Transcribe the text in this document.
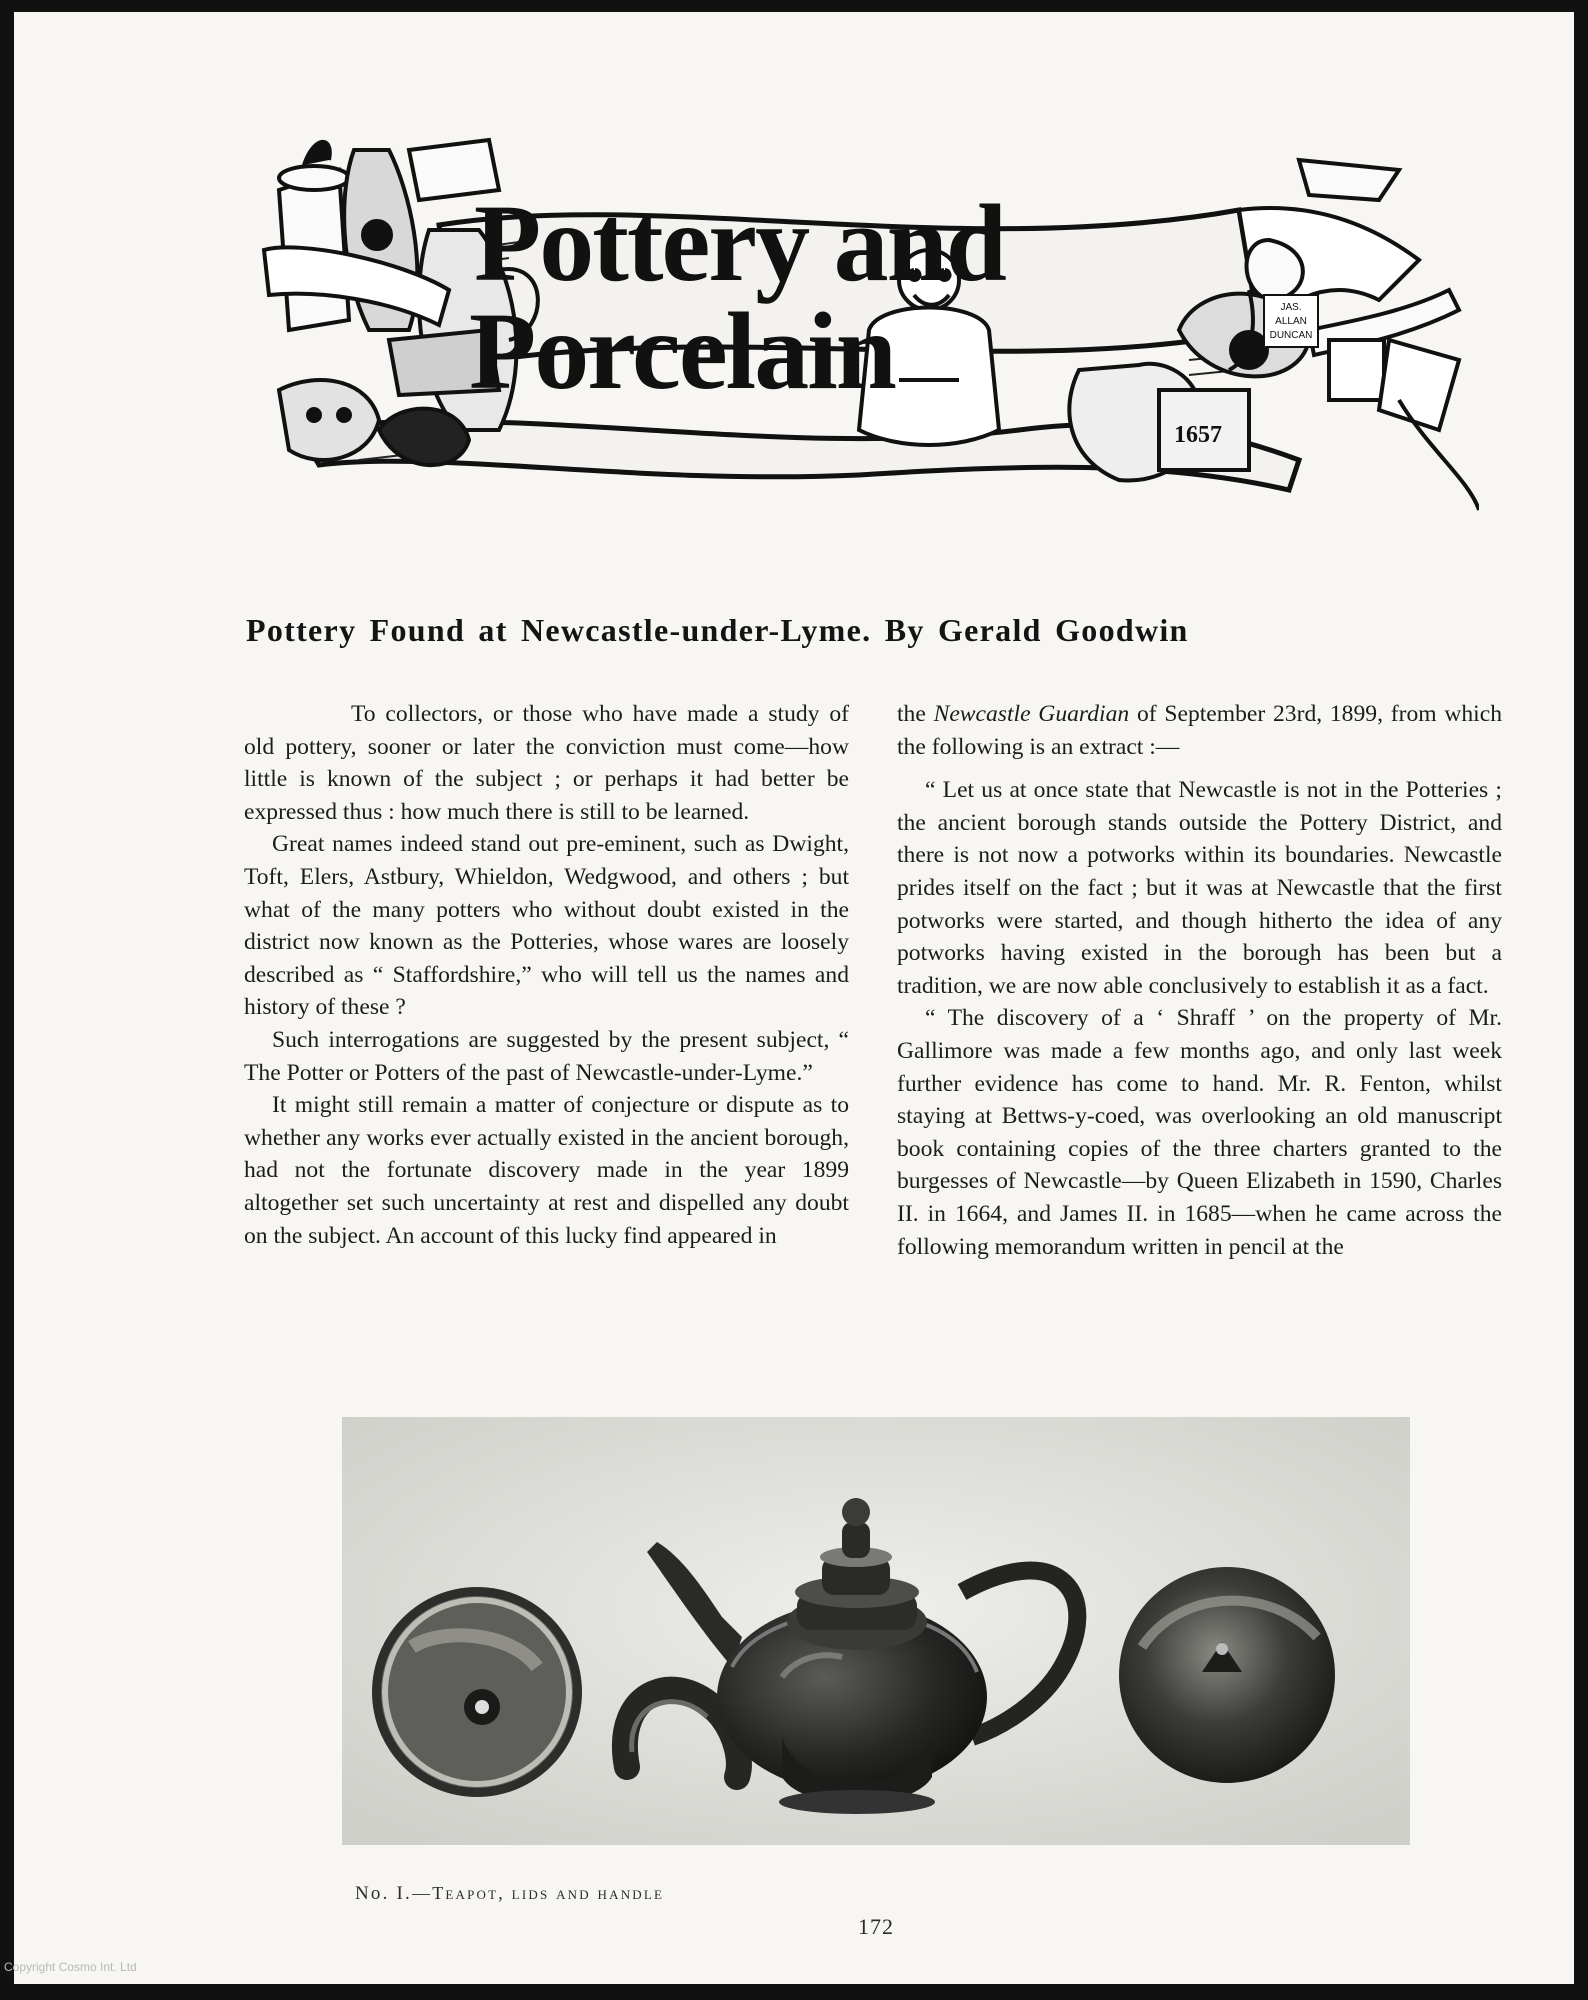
1657
Pottery and
Porcelain	JAS.
ALLAN
DUNCAN
Pottery Found at Newcastle-under-Lyme. By Gerald Goodwin

To collectors, or those who have made a study of old pottery, sooner or later the conviction must come—how little is known of the subject ; or perhaps it had better be expressed thus : how much there is still to be learned.

Great names indeed stand out pre-eminent, such as Dwight, Toft, Elers, Astbury, Whieldon, Wedgwood, and others ; but what of the many potters who without doubt existed in the district now known as the Potteries, whose wares are loosely described as “ Staffordshire,” who will tell us the names and history of these ?

Such interrogations are suggested by the present subject, “ The Potter or Potters of the past of Newcastle-under-Lyme.”

It might still remain a matter of conjecture or dispute as to whether any works ever actually existed in the ancient borough, had not the fortunate discovery made in the year 1899 altogether set such uncertainty at rest and dispelled any doubt on the subject. An account of this lucky find appeared in

the Newcastle Guardian of September 23rd, 1899, from which the following is an extract :—

“ Let us at once state that Newcastle is not in the Potteries ; the ancient borough stands outside the Pottery District, and there is not now a potworks within its boundaries. Newcastle prides itself on the fact ; but it was at Newcastle that the first potworks were started, and though hitherto the idea of any potworks having existed in the borough has been but a tradition, we are now able conclusively to establish it as a fact.

“ The discovery of a ‘ Shraff ’ on the property of Mr. Gallimore was made a few months ago, and only last week further evidence has come to hand. Mr. R. Fenton, whilst staying at Bettws-y-coed, was overlooking an old manuscript book containing copies of the three charters granted to the burgesses of Newcastle—by Queen Elizabeth in 1590, Charles II. in 1664, and James II. in 1685—when he came across the following memorandum written in pencil at the

No. I.—Teapot, lids and handle
172
Copyright Cosmo Int. Ltd
